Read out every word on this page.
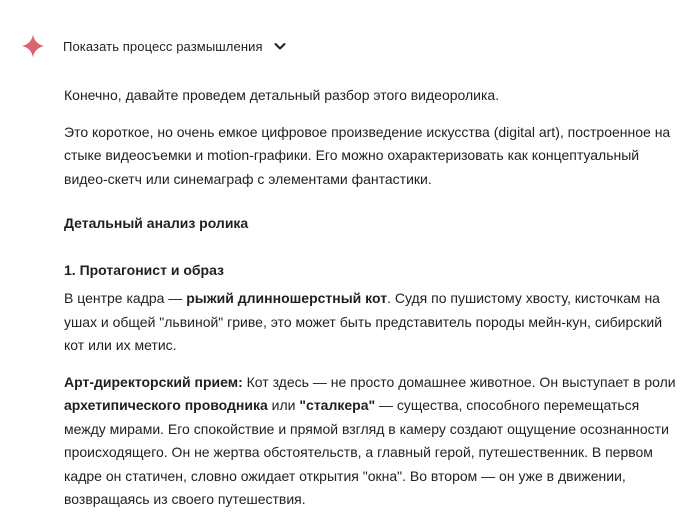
Показать процесс размышления

Конечно, давайте проведем детальный разбор этого видеоролика.

Это короткое, но очень емкое цифровое произведение искусства (digital art), построенное на стыке видеосъемки и motion-графики. Его можно охарактеризовать как концептуальный видео-скетч или синемаграф с элементами фантастики.

Детальный анализ ролика

1. Протагонист и образ

В центре кадра — рыжий длинношерстный кот. Судя по пушистому хвосту, кисточкам на ушах и общей "львиной" гриве, это может быть представитель породы мейн-кун, сибирский кот или их метис.

Арт-директорский прием: Кот здесь — не просто домашнее животное. Он выступает в роли архетипического проводника или "сталкера" — существа, способного перемещаться между мирами. Его спокойствие и прямой взгляд в камеру создают ощущение осознанности происходящего. Он не жертва обстоятельств, а главный герой, путешественник. В первом кадре он статичен, словно ожидает открытия "окна". Во втором — он уже в движении, возвращаясь из своего путешествия.
